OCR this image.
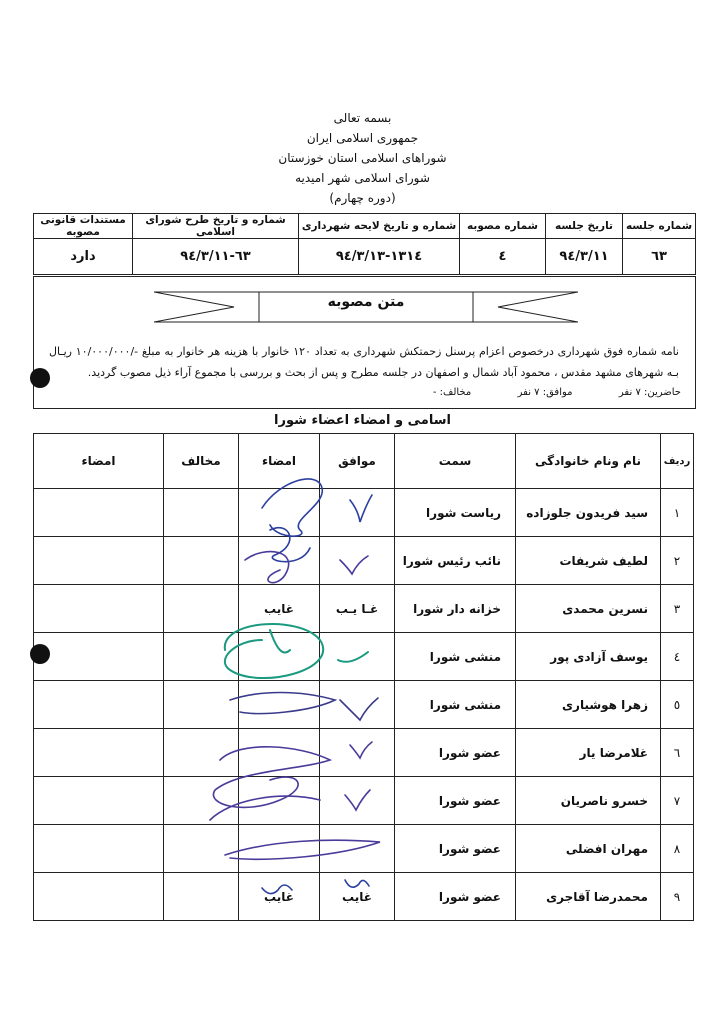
بسمه تعالی
جمهوری اسلامی ایران
شوراهای اسلامی استان خوزستان
شورای اسلامی شهر امیدیه
(دوره چهارم)
شماره جلسه	تاریخ جلسه	شماره مصوبه	شماره و تاریخ لایحه شهرداری	شماره و تاریخ طرح شورای اسلامی	مستندات قانونی مصوبه
٦٣	٩٤/٣/١١	٤	١٣١٤-٩٤/٣/١٣	٦٣-٩٤/٣/١١	دارد
متن مصوبه
نامه شماره فوق شهرداری درخصوص اعزام پرسنل زحمتکش شهرداری به تعداد ١٢٠ خانوار با هزینه هر خانوار به مبلغ -/١٠/٠٠٠/٠٠٠ ریـال بـه شهرهای مشهد مقدس ، محمود آباد شمال و اصفهان در جلسه مطرح و پس از بحث و بررسی با مجموع آراء ذیل مصوب گردید.
حاضرین: ٧ نفر  موافق: ٧ نفر  مخالف: -
اسامی و امضاء اعضاء شورا
ردیف	نام ونام خانوادگی	سمت	موافق	امضاء	مخالف	امضاء
١	سید فریدون جلوزاده	ریاست شورا				
٢	لطیف شریفات	نائب رئیس شورا				
٣	نسرین محمدی	خزانه دار شورا	غـا یـب	غایب		
٤	یوسف آزادی پور	منشی شورا				
٥	زهرا هوشیاری	منشی شورا				
٦	غلامرضا یار	عضو شورا				
٧	خسرو ناصریان	عضو شورا				
٨	مهران افضلی	عضو شورا				
٩	محمدرضا آقاجری	عضو شورا	غایب	غایب		
